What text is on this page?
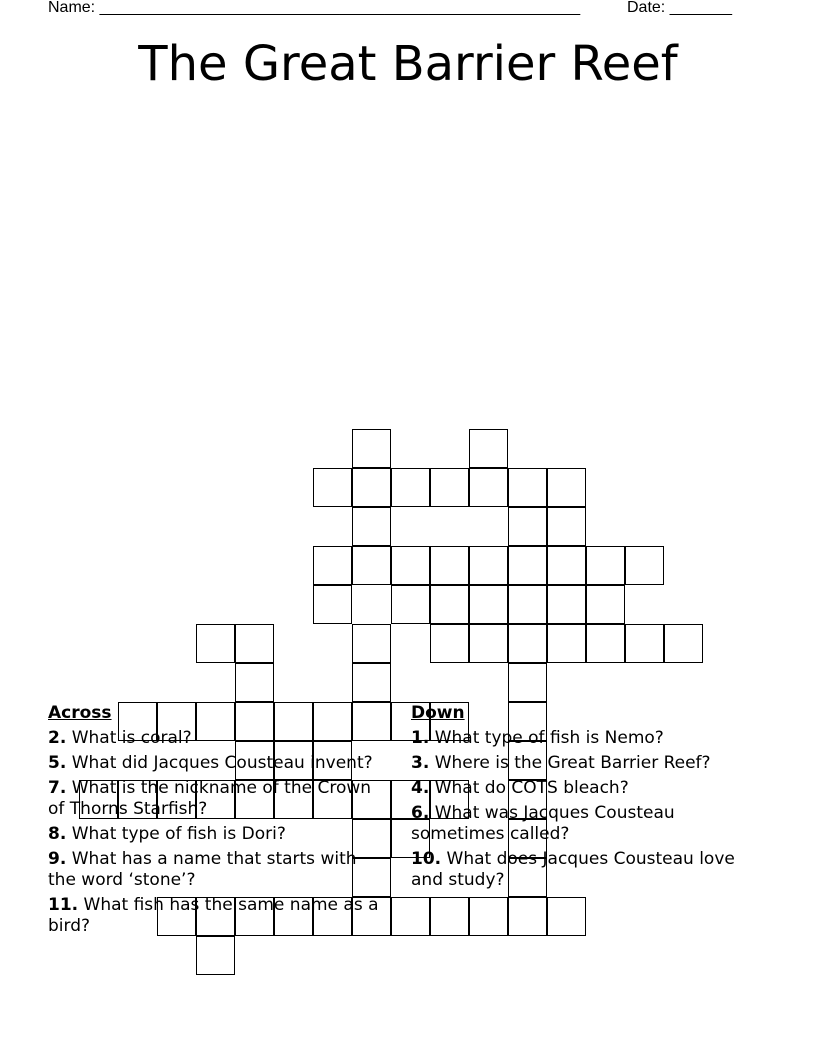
Name: ______________________________________________________	Date: _______
The Great Barrier Reef
Across
2. What is coral?
5. What did Jacques Cousteau invent?
7. What is the nickname of the Crown of Thorns Starfish?
8. What type of fish is Dori?
9. What has a name that starts with the word ‘stone’?
11. What fish has the same name as a bird?
Down
1. What type of fish is Nemo?
3. Where is the Great Barrier Reef?
4. What do COTS bleach?
6. What was Jacques Cousteau sometimes called?
10. What does Jacques Cousteau love and study?
